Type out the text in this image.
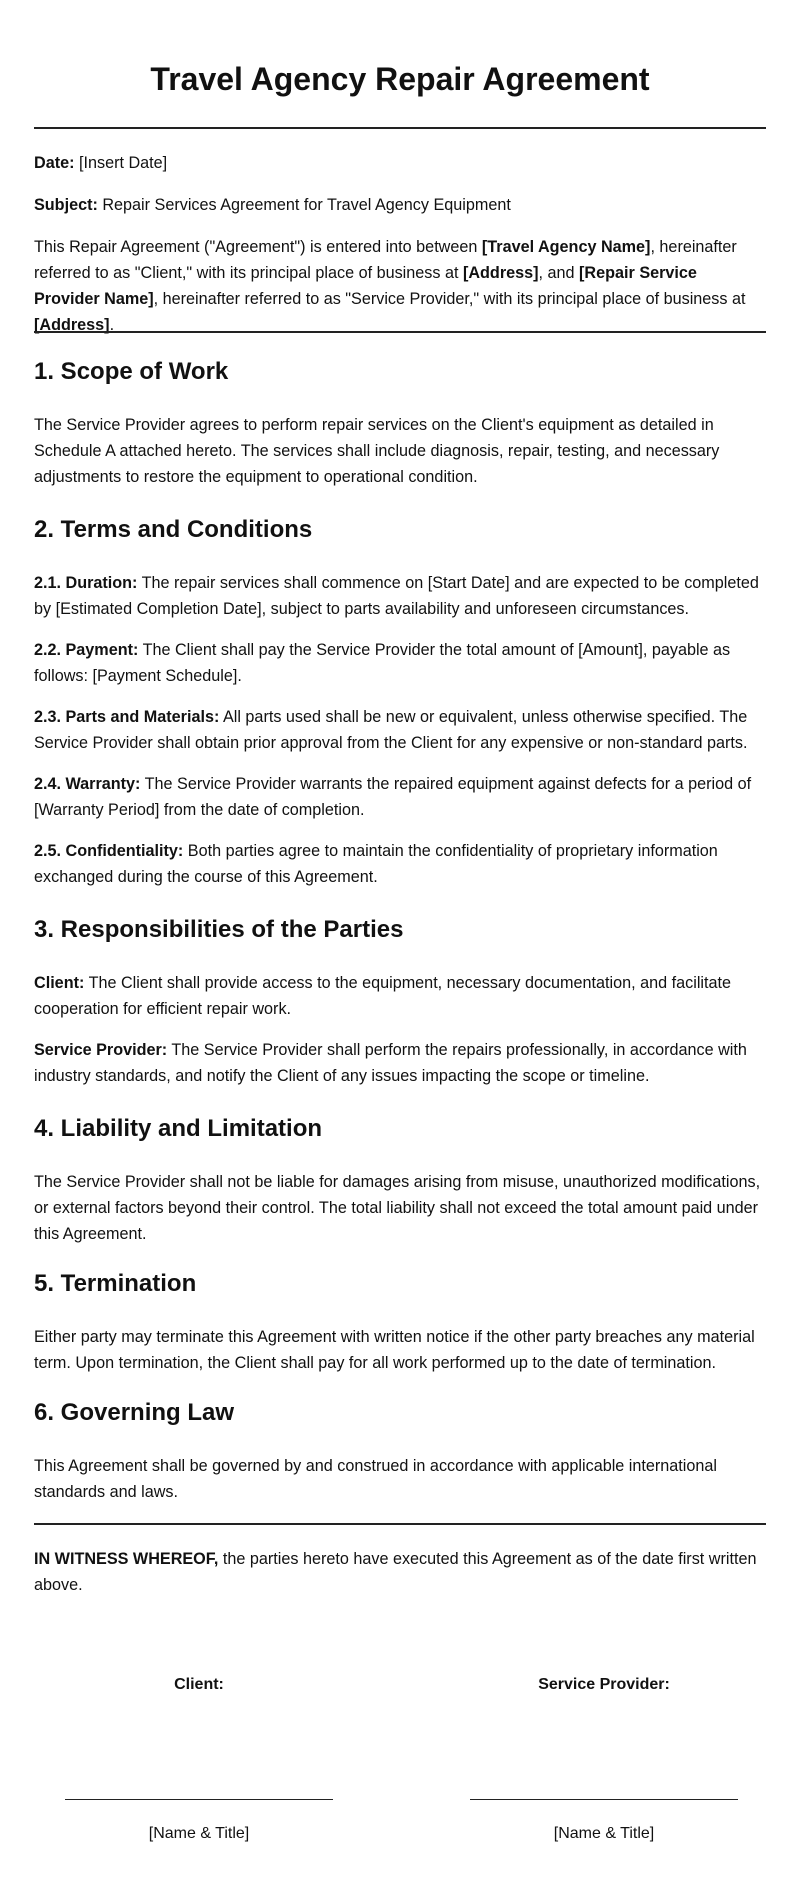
Travel Agency Repair Agreement

Date: [Insert Date]

Subject: Repair Services Agreement for Travel Agency Equipment

This Repair Agreement ("Agreement") is entered into between [Travel Agency Name], hereinafter referred to as "Client," with its principal place of business at [Address], and [Repair Service Provider Name], hereinafter referred to as "Service Provider," with its principal place of business at [Address].

1. Scope of Work

The Service Provider agrees to perform repair services on the Client's equipment as detailed in Schedule A attached hereto. The services shall include diagnosis, repair, testing, and necessary adjustments to restore the equipment to operational condition.

2. Terms and Conditions

2.1. Duration: The repair services shall commence on [Start Date] and are expected to be completed by [Estimated Completion Date], subject to parts availability and unforeseen circumstances.

2.2. Payment: The Client shall pay the Service Provider the total amount of [Amount], payable as follows: [Payment Schedule].

2.3. Parts and Materials: All parts used shall be new or equivalent, unless otherwise specified. The Service Provider shall obtain prior approval from the Client for any expensive or non-standard parts.

2.4. Warranty: The Service Provider warrants the repaired equipment against defects for a period of [Warranty Period] from the date of completion.

2.5. Confidentiality: Both parties agree to maintain the confidentiality of proprietary information exchanged during the course of this Agreement.

3. Responsibilities of the Parties

Client: The Client shall provide access to the equipment, necessary documentation, and facilitate cooperation for efficient repair work.

Service Provider: The Service Provider shall perform the repairs professionally, in accordance with industry standards, and notify the Client of any issues impacting the scope or timeline.

4. Liability and Limitation

The Service Provider shall not be liable for damages arising from misuse, unauthorized modifications, or external factors beyond their control. The total liability shall not exceed the total amount paid under this Agreement.

5. Termination

Either party may terminate this Agreement with written notice if the other party breaches any material term. Upon termination, the Client shall pay for all work performed up to the date of termination.

6. Governing Law

This Agreement shall be governed by and construed in accordance with applicable international standards and laws.

IN WITNESS WHEREOF, the parties hereto have executed this Agreement as of the date first written above.

Client:	Service Provider:
[Name & Title]	[Name & Title]
